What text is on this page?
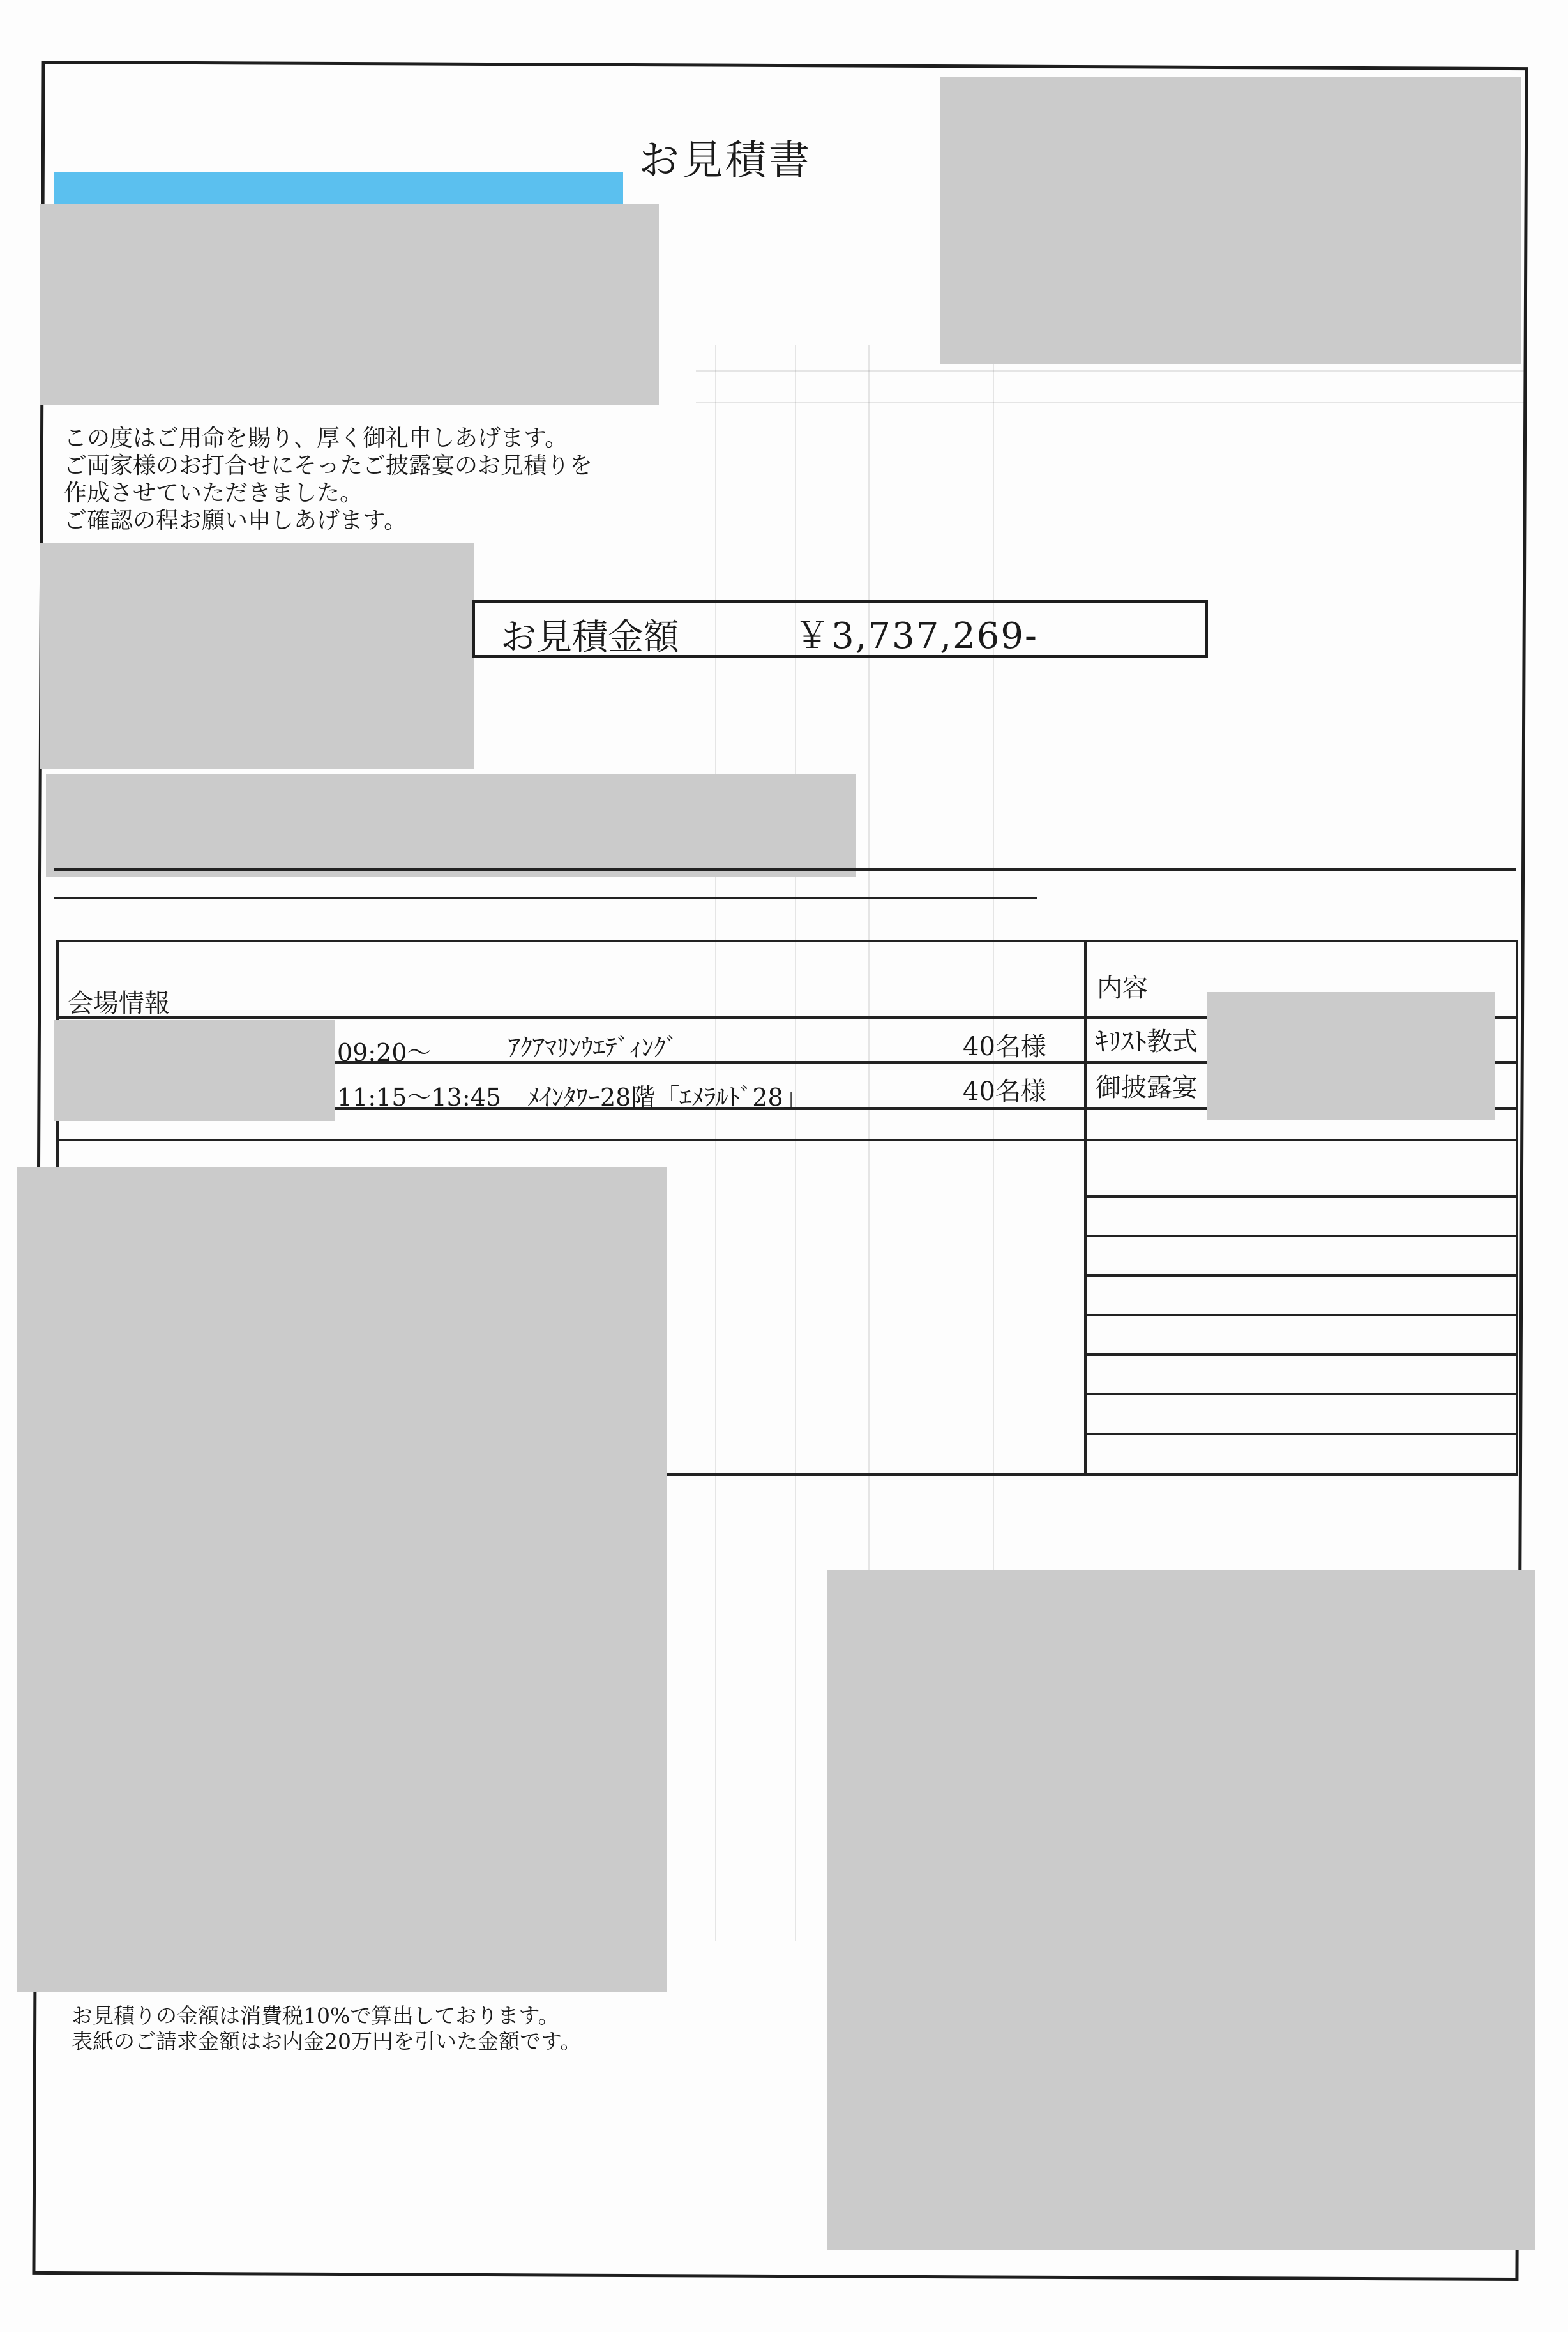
お見積書
この度はご用命を賜り、厚く御礼申しあげます。
ご両家様のお打合せにそったご披露宴のお見積りを
作成させていただきました。
ご確認の程お願い申しあげます。
お見積金額	￥3,737,269-
会場情報
内容
09:20～	ｱｸｱﾏﾘﾝｳｴﾃﾞｨﾝｸﾞ	40名様 ｷﾘｽﾄ教式
11:15～13:45 ﾒｲﾝﾀﾜｰ28階「ｴﾒﾗﾙﾄﾞ28」	40名様 御披露宴
お見積りの金額は消費税10%で算出しております。
表紙のご請求金額はお内金20万円を引いた金額です。
